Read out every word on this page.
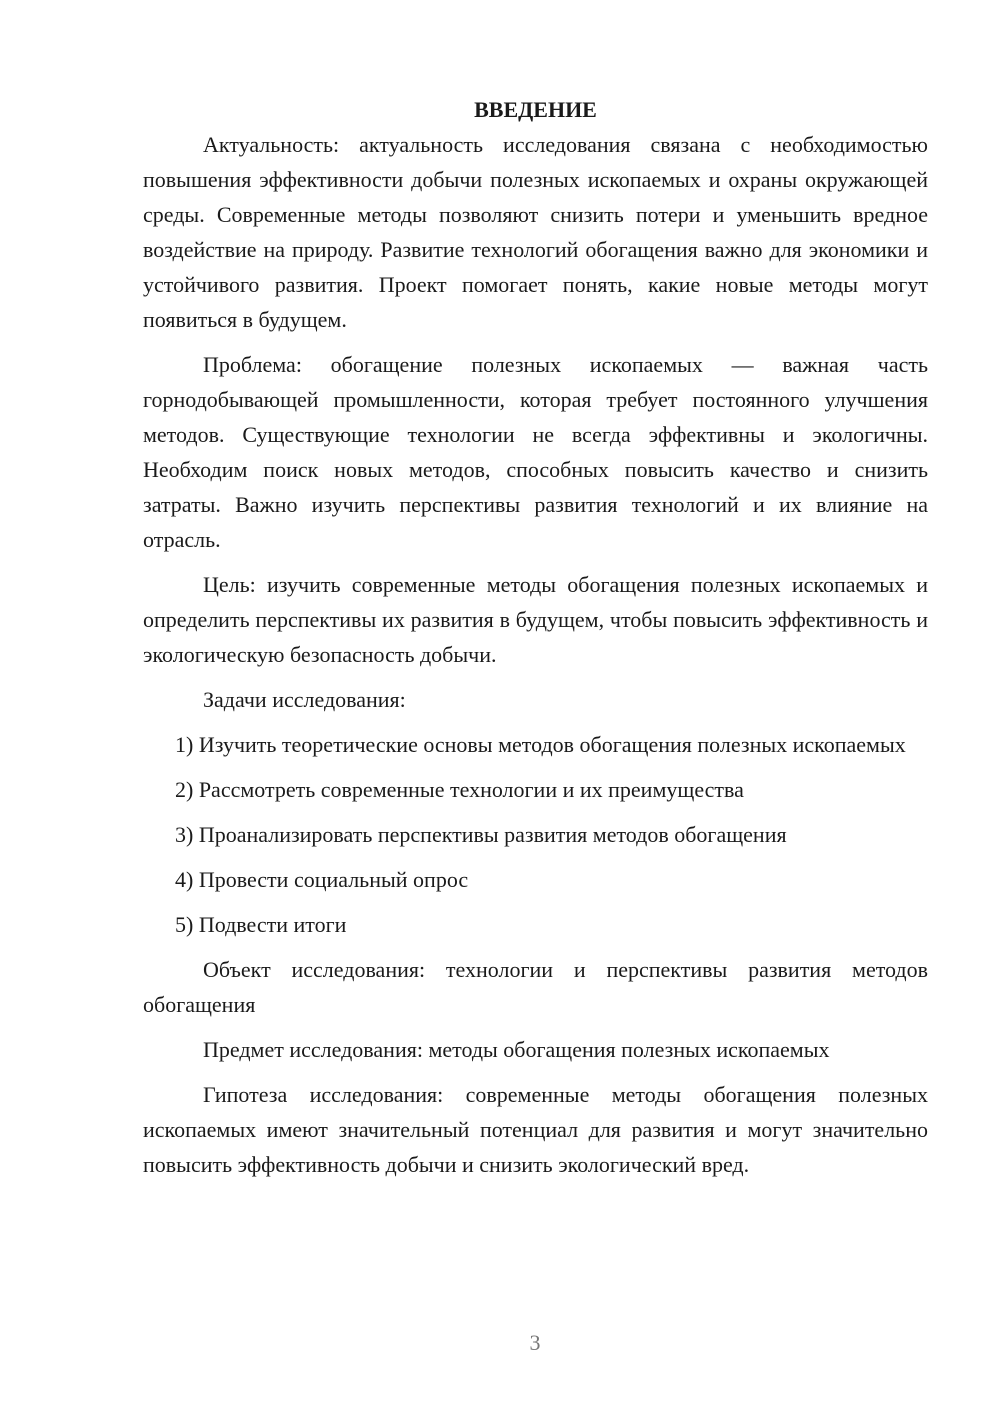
ВВЕДЕНИЕ

Актуальность: актуальность исследования связана с необходимостью повышения эффективности добычи полезных ископаемых и охраны окружающей среды. Современные методы позволяют снизить потери и уменьшить вредное воздействие на природу. Развитие технологий обогащения важно для экономики и устойчивого развития. Проект помогает понять, какие новые методы могут появиться в будущем.

Проблема: обогащение полезных ископаемых — важная часть горнодобывающей промышленности, которая требует постоянного улучшения методов. Существующие технологии не всегда эффективны и экологичны. Необходим поиск новых методов, способных повысить качество и снизить затраты. Важно изучить перспективы развития технологий и их влияние на отрасль.

Цель: изучить современные методы обогащения полезных ископаемых и определить перспективы их развития в будущем, чтобы повысить эффективность и экологическую безопасность добычи.

Задачи исследования:

1) Изучить теоретические основы методов обогащения полезных ископаемых
2) Рассмотреть современные технологии и их преимущества
3) Проанализировать перспективы развития методов обогащения
4) Провести социальный опрос
5) Подвести итоги

Объект исследования: технологии и перспективы развития методов обогащения

Предмет исследования: методы обогащения полезных ископаемых

Гипотеза исследования: современные методы обогащения полезных ископаемых имеют значительный потенциал для развития и могут значительно повысить эффективность добычи и снизить экологический вред.

3
